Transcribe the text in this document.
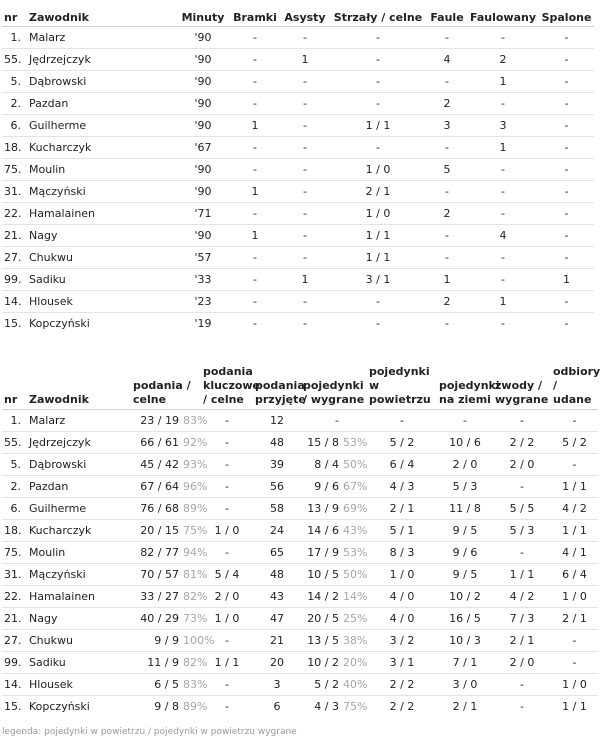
nr	Zawodnik	Minuty	Bramki	Asysty	Strzały / celne	Faule	Faulowany	Spalone
1.	Malarz	'90	-	-	-	-	-	-
55.	Jędrzejczyk	'90	-	1	-	4	2	-
5.	Dąbrowski	'90	-	-	-	-	1	-
2.	Pazdan	'90	-	-	-	2	-	-
6.	Guilherme	'90	1	-	1 / 1	3	3	-
18.	Kucharczyk	'67	-	-	-	-	1	-
75.	Moulin	'90	-	-	1 / 0	5	-	-
31.	Mączyński	'90	1	-	2 / 1	-	-	-
22.	Hamalainen	'71	-	-	1 / 0	2	-	-
21.	Nagy	'90	1	-	1 / 1	-	4	-
27.	Chukwu	'57	-	-	1 / 1	-	-	-
99.	Sadiku	'33	-	1	3 / 1	1	-	1
14.	Hlousek	'23	-	-	-	2	1	-
15.	Kopczyński	'19	-	-	-	-	-	-
nr	Zawodnik	podania / celne	podania kluczowe / celne	podania przyjęte	pojedynki / wygrane	pojedynki w powietrzu	pojedynki na ziemi	zwody / wygrane	odbiory / udane
1.	Malarz	23 / 19 83%	-	12	-	-	-	-	-
55.	Jędrzejczyk	66 / 61 92%	-	48	15 / 8 53%	5 / 2	10 / 6	2 / 2	5 / 2
5.	Dąbrowski	45 / 42 93%	-	39	8 / 4 50%	6 / 4	2 / 0	2 / 0	-
2.	Pazdan	67 / 64 96%	-	56	9 / 6 67%	4 / 3	5 / 3	-	1 / 1
6.	Guilherme	76 / 68 89%	-	58	13 / 9 69%	2 / 1	11 / 8	5 / 5	4 / 2
18.	Kucharczyk	20 / 15 75%	1 / 0	24	14 / 6 43%	5 / 1	9 / 5	5 / 3	1 / 1
75.	Moulin	82 / 77 94%	-	65	17 / 9 53%	8 / 3	9 / 6	-	4 / 1
31.	Mączyński	70 / 57 81%	5 / 4	48	10 / 5 50%	1 / 0	9 / 5	1 / 1	6 / 4
22.	Hamalainen	33 / 27 82%	2 / 0	43	14 / 2 14%	4 / 0	10 / 2	4 / 2	1 / 0
21.	Nagy	40 / 29 73%	1 / 0	47	20 / 5 25%	4 / 0	16 / 5	7 / 3	2 / 1
27.	Chukwu	9 / 9 100%	-	21	13 / 5 38%	3 / 2	10 / 3	2 / 1	-
99.	Sadiku	11 / 9 82%	1 / 1	20	10 / 2 20%	3 / 1	7 / 1	2 / 0	-
14.	Hlousek	6 / 5 83%	-	3	5 / 2 40%	2 / 2	3 / 0	-	1 / 0
15.	Kopczyński	9 / 8 89%	-	6	4 / 3 75%	2 / 2	2 / 1	-	1 / 1
legenda: pojedynki w powietrzu / pojedynki w powietrzu wygrane
